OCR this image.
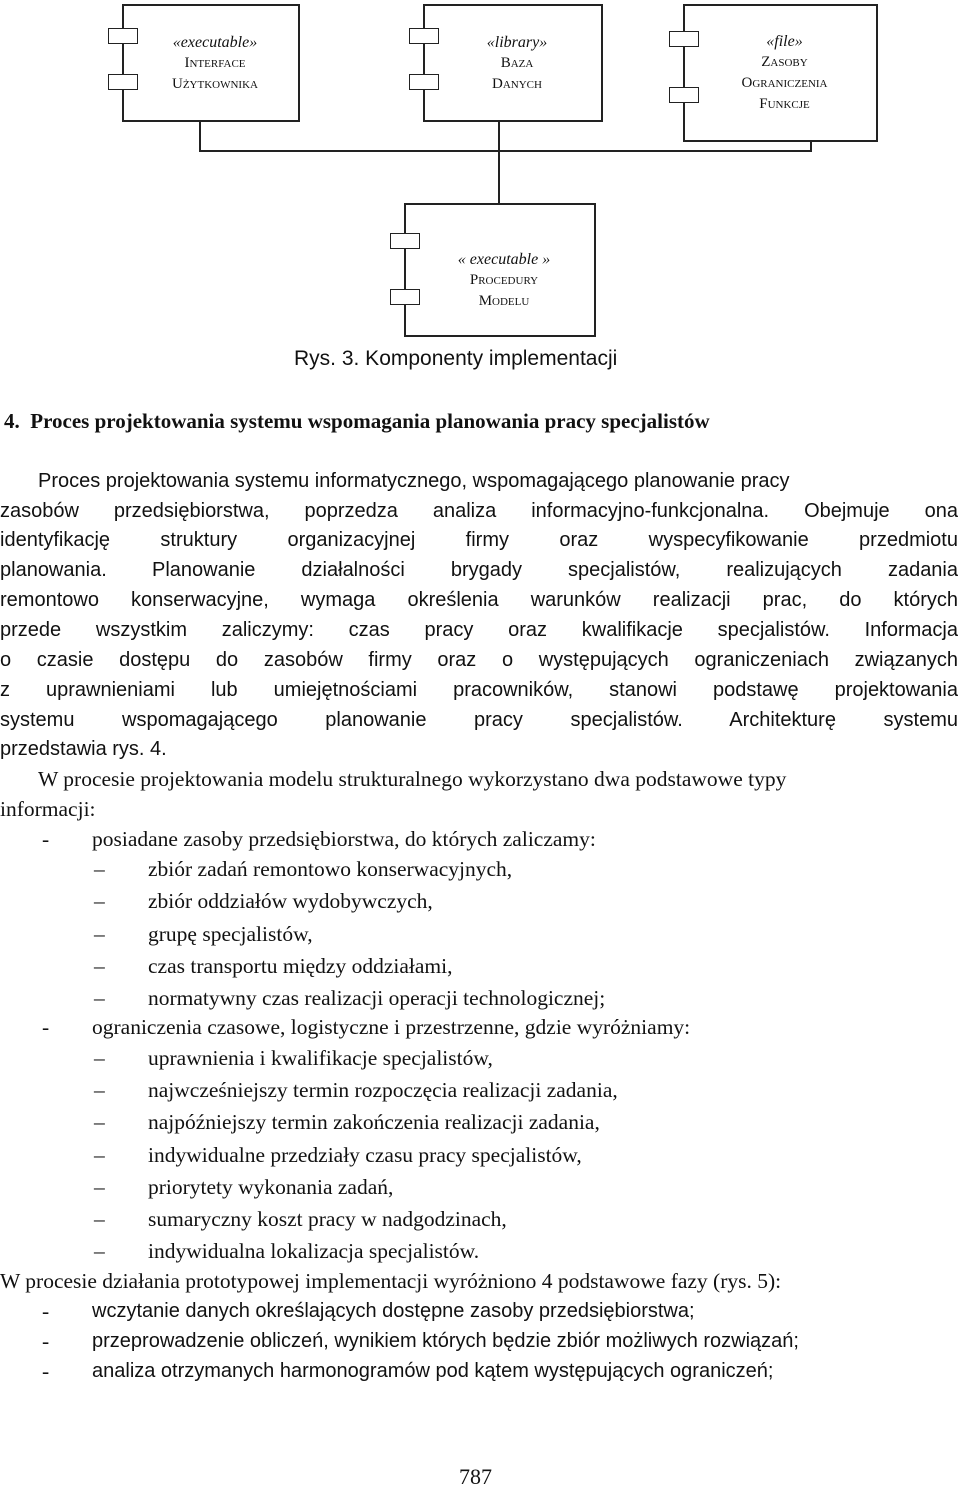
«executable»
Interface
Użytkownika
«library»
Baza
Danych
«file»
Zasoby
Ograniczenia
Funkcje
« executable »
Procedury
Modelu
Rys. 3. Komponenty implementacji
4.  Proces projektowania systemu wspomagania planowania pracy specjalistów
Proces projektowania systemu informatycznego, wspomagającego planowanie pracy
zasobów przedsiębiorstwa, poprzedza analiza informacyjno-funkcjonalna. Obejmuje ona
identyfikację struktury organizacyjnej firmy oraz wyspecyfikowanie przedmiotu
planowania. Planowanie działalności brygady specjalistów, realizujących zadania
remontowo konserwacyjne, wymaga określenia warunków realizacji prac, do których
przede wszystkim zaliczymy: czas pracy oraz kwalifikacje specjalistów. Informacja
o czasie dostępu do zasobów firmy oraz o występujących ograniczeniach związanych
z uprawnieniami lub umiejętnościami pracowników, stanowi podstawę projektowania
systemu wspomagającego planowanie pracy specjalistów. Architekturę systemu
przedstawia rys. 4.
W procesie projektowania modelu strukturalnego wykorzystano dwa podstawowe typy
informacji:
- posiadane zasoby przedsiębiorstwa, do których zaliczamy:
– zbiór zadań remontowo konserwacyjnych,
– zbiór oddziałów wydobywczych,
– grupę specjalistów,
– czas transportu między oddziałami,
– normatywny czas realizacji operacji technologicznej;
- ograniczenia czasowe, logistyczne i przestrzenne, gdzie wyróżniamy:
– uprawnienia i kwalifikacje specjalistów,
– najwcześniejszy termin rozpoczęcia realizacji zadania,
– najpóźniejszy termin zakończenia realizacji zadania,
– indywidualne przedziały czasu pracy specjalistów,
– priorytety wykonania zadań,
– sumaryczny koszt pracy w nadgodzinach,
– indywidualna lokalizacja specjalistów.
W procesie działania prototypowej implementacji wyróżniono 4 podstawowe fazy (rys. 5):
- wczytanie danych określających dostępne zasoby przedsiębiorstwa;
- przeprowadzenie obliczeń, wynikiem których będzie zbiór możliwych rozwiązań;
- analiza otrzymanych harmonogramów pod kątem występujących ograniczeń;
787
